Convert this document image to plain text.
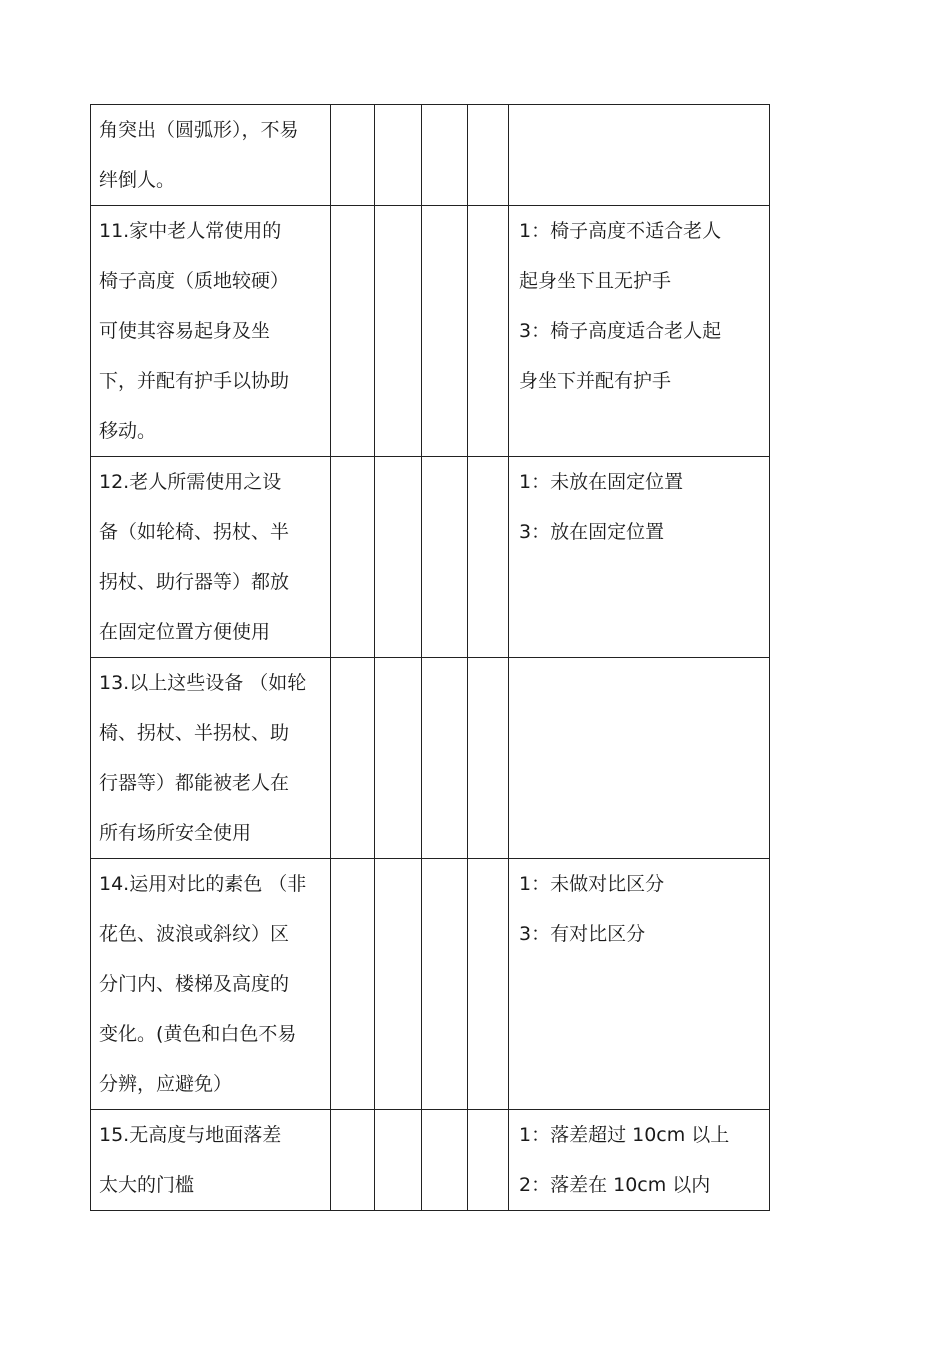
角突出（圆弧形），不易
绊倒人。					

11.家中老人常使用的
椅子高度（质地较硬）
可使其容易起身及坐
下，并配有护手以协助
移动。					1：椅子高度不适合老人
起身坐下且无护手
3：椅子高度适合老人起
身坐下并配有护手

12.老人所需使用之设
备（如轮椅、拐杖、半
拐杖、助行器等）都放
在固定位置方便使用					1：未放在固定位置
3：放在固定位置

13.以上这些设备 （如轮
椅、拐杖、半拐杖、助
行器等）都能被老人在
所有场所安全使用					

14.运用对比的素色 （非
花色、波浪或斜纹）区
分门内、楼梯及高度的
变化。(黄色和白色不易
分辨，应避免）					1：未做对比区分
3：有对比区分

15.无高度与地面落差
太大的门槛					1：落差超过 10cm 以上
2：落差在 10cm 以内
